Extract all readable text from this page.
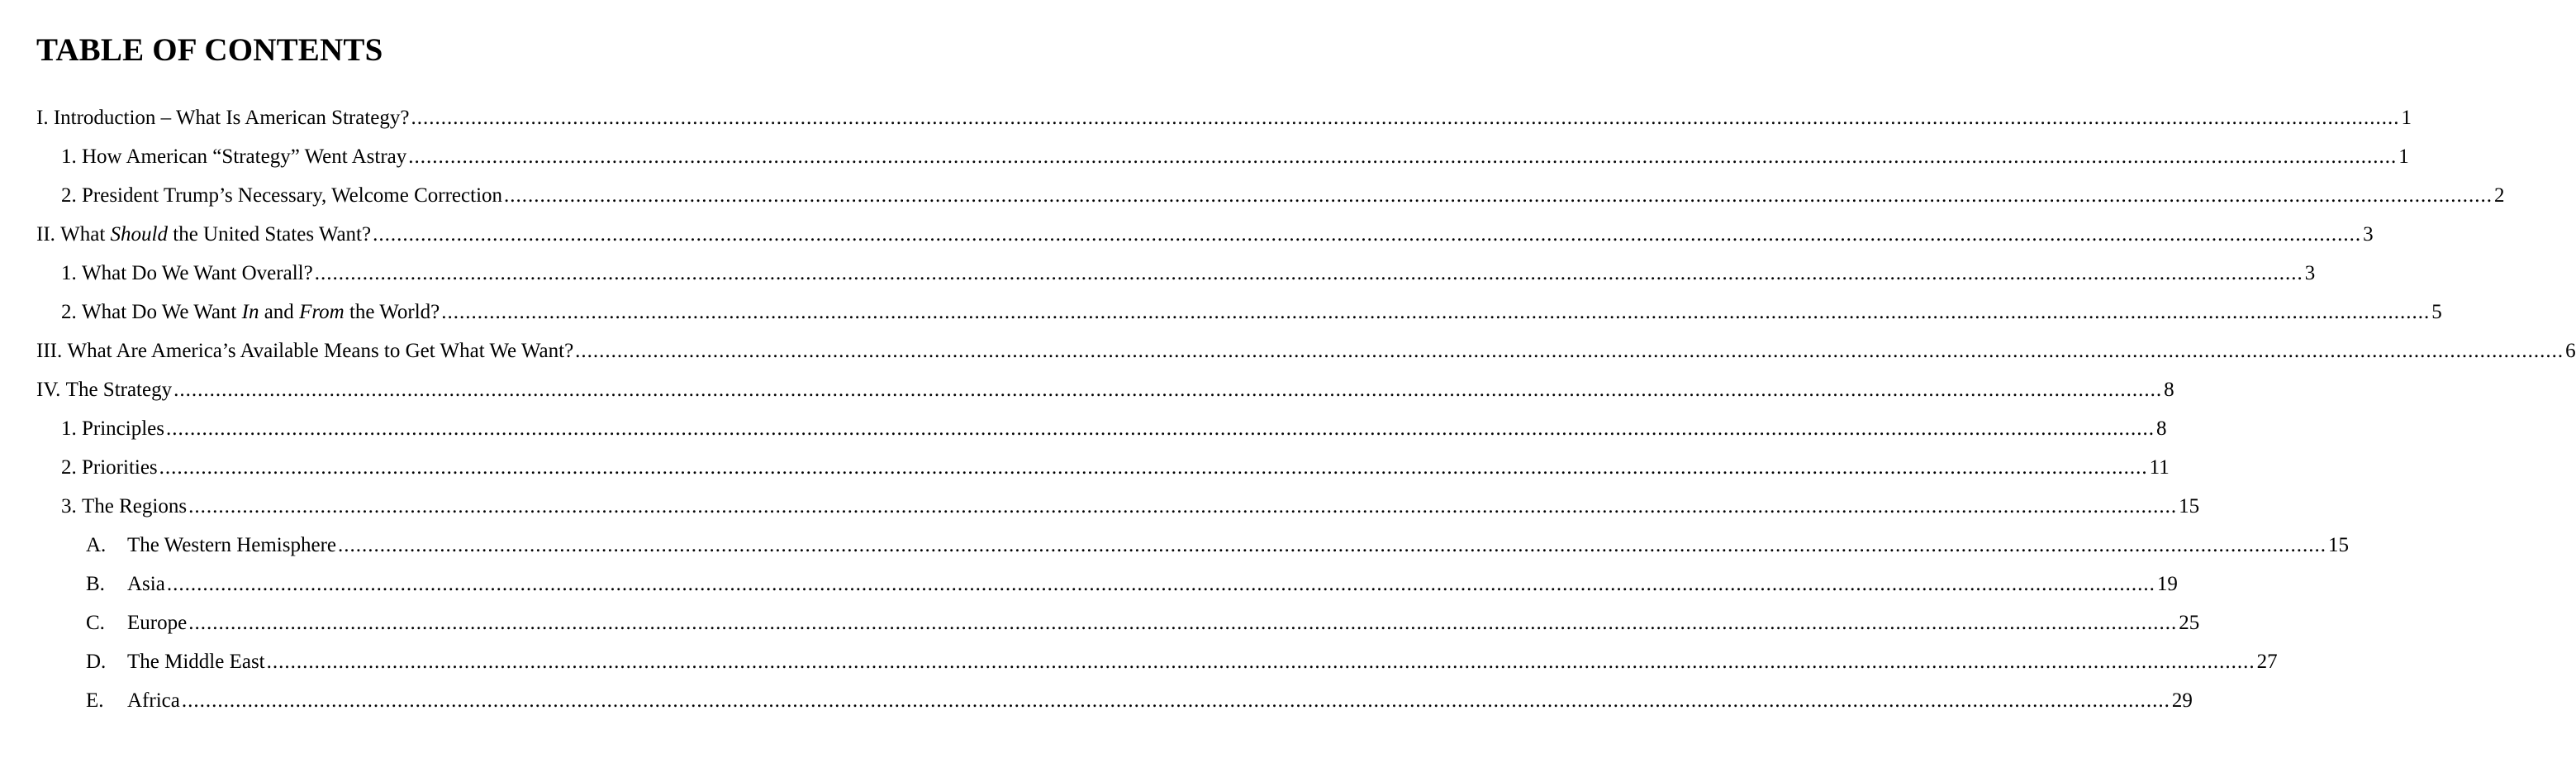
TABLE OF CONTENTS
I.
Introduction – What Is American Strategy? .....	1
1.
How American “Strategy” Went Astray .....	1
2.
President Trump’s Necessary, Welcome Correction .....	2
II.
What Should the United States Want? .....	3
1.
What Do We Want Overall? .....	3
2.
What Do We Want In and From the World? .....	5
III.
What Are America’s Available Means to Get What We Want? .....	6
IV.
The Strategy .....	8
1.
Principles .....	8
2.
Priorities .....	11
3.
The Regions .....	15
A.	The Western Hemisphere .....	15
B.	Asia .....	19
C.	Europe .....	25
D.	The Middle East .....	27
E.	Africa .....	29
